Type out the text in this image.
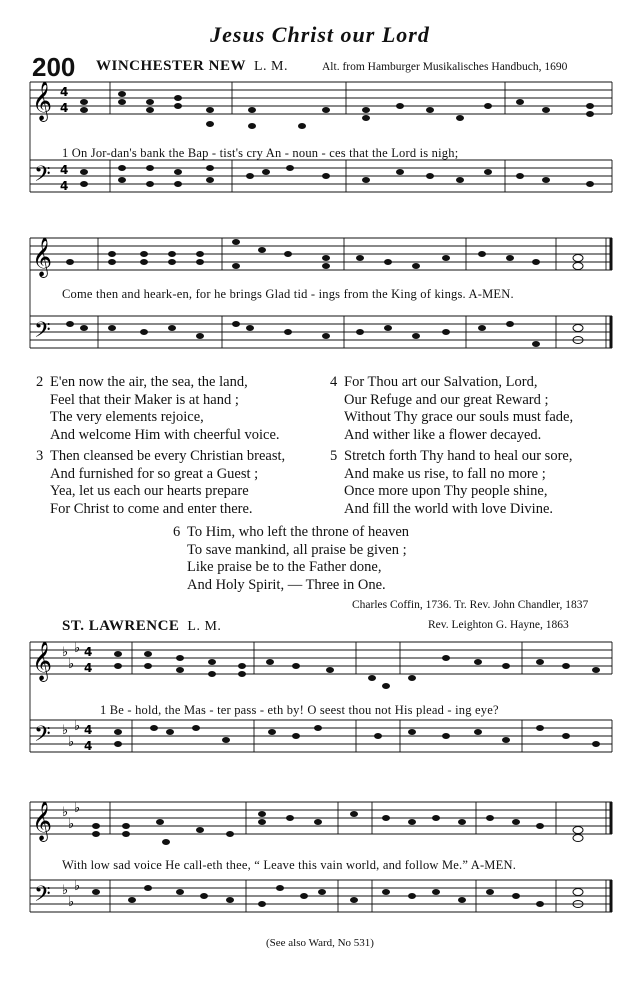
Jesus Christ our Lord
200 WINCHESTER NEW L. M.	Alt. from Hamburger Musikalisches Handbuch, 1690
𝄞
𝄢
4
4
4
4
1 On Jor-dan's bank the Bap - tist's cry An - noun - ces that the Lord is nigh;
𝄞
𝄢
Come then and heark-en, for he brings Glad tid - ings from the King of kings. A-MEN.
2 E'en now the air, the sea, the land,
Feel that their Maker is at hand ;
The very elements rejoice,
And welcome Him with cheerful voice.
4 For Thou art our Salvation, Lord,
Our Refuge and our great Reward ;
Without Thy grace our souls must fade,
And wither like a flower decayed.
3 Then cleansed be every Christian breast,
And furnished for so great a Guest ;
Yea, let us each our hearts prepare
For Christ to come and enter there.
5 Stretch forth Thy hand to heal our sore,
And make us rise, to fall no more ;
Once more upon Thy people shine,
And fill the world with love Divine.
6 To Him, who left the throne of heaven
To save mankind, all praise be given ;
Like praise be to the Father done,
And Holy Spirit, — Three in One.
Charles Coffin, 1736. Tr. Rev. John Chandler, 1837
ST. LAWRENCE L. M.	Rev. Leighton G. Hayne, 1863
𝄞
𝄢
♭
♭
♭
♭
♭
♭
4
4
4
4
1 Be - hold, the Mas - ter pass - eth by! O seest thou not His plead - ing eye?
𝄞
𝄢
♭
♭
♭
♭
♭
♭
With low sad voice He call-eth thee, “ Leave this vain world, and follow Me.” A-MEN.
(See also Ward, No 531)
